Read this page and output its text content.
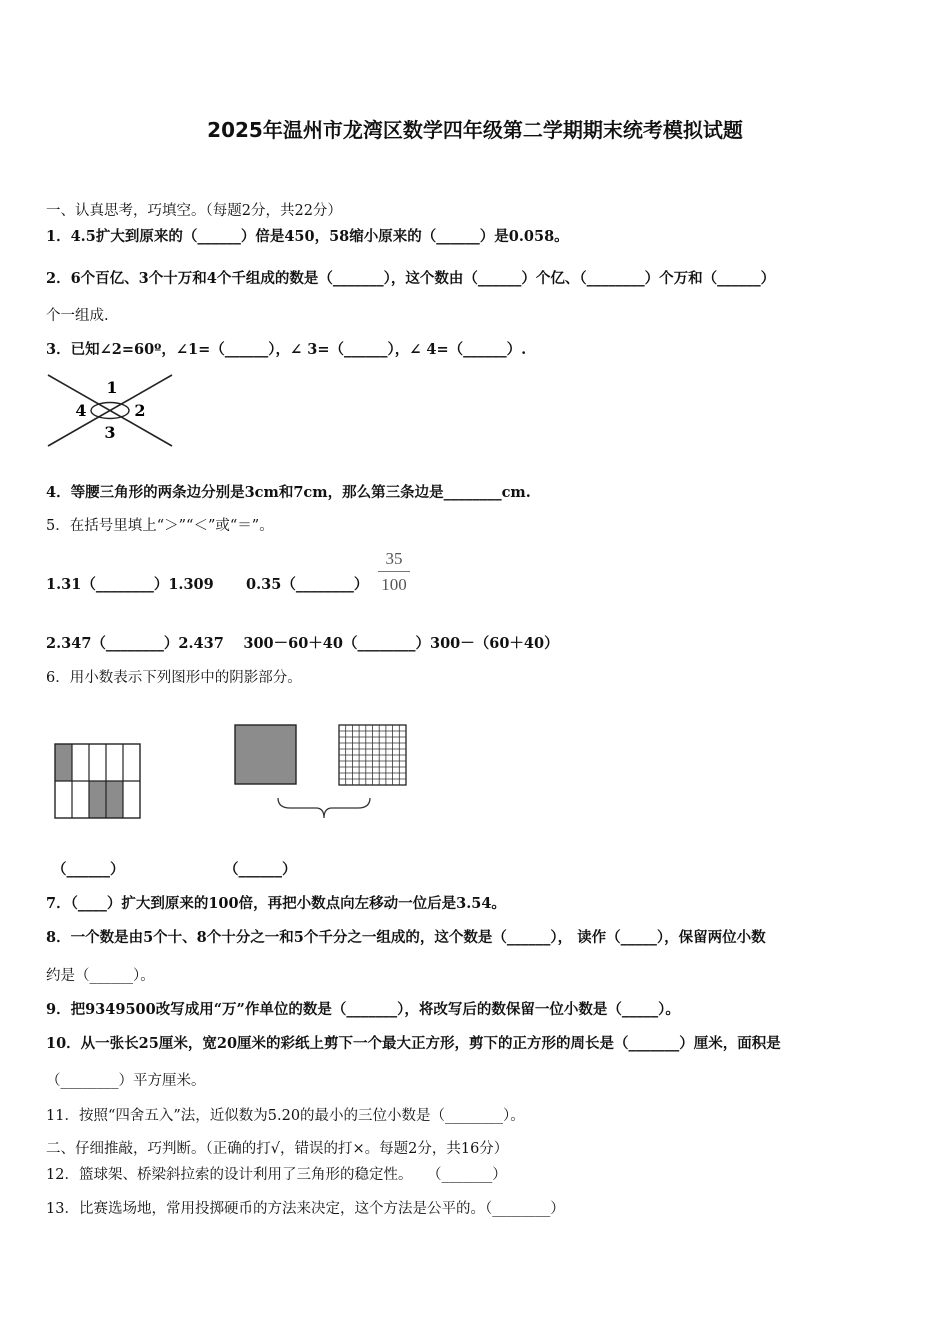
2025年温州市龙湾区数学四年级第二学期期末统考模拟试题
一、认真思考，巧填空。（每题2分，共22分）
1．4.5扩大到原来的（______）倍是450，58缩小原来的（______）是0.058。
2．6个百亿、3个十万和4个千组成的数是（_______），这个数由（______）个亿、（________）个万和（______）
个一组成.
3．已知∠2=60º，∠1=（______），∠ 3=（______），∠ 4=（______）.
1
2
3
4
4．等腰三角形的两条边分别是3cm和7cm，那么第三条边是________cm.
5．在括号里填上“＞”“＜”或“＝”。
1.31（________）1.309 0.35（________）
35
100
2.347（________）2.437　 300－60＋40（________）300－（60＋40）
6．用小数表示下列图形中的阴影部分。
（______）	（______）
7．（____）扩大到原来的100倍，再把小数点向左移动一位后是3.54。
8．一个数是由5个十、8个十分之一和5个千分之一组成的，这个数是（______）， 读作（_____），保留两位小数
约是（______）。
9．把9349500改写成用“万”作单位的数是（_______），将改写后的数保留一位小数是（_____）。
10．从一张长25厘米，宽20厘米的彩纸上剪下一个最大正方形，剪下的正方形的周长是（_______）厘米，面积是
（________）平方厘米。
11．按照“四舍五入”法，近似数为5.20的最小的三位小数是（________）。
二、仔细推敲，巧判断。（正确的打√，错误的打×。每题2分，共16分）
12．篮球架、桥梁斜拉索的设计利用了三角形的稳定性。　　（_______）
13．比赛选场地，常用投掷硬币的方法来决定，这个方法是公平的。（________）
